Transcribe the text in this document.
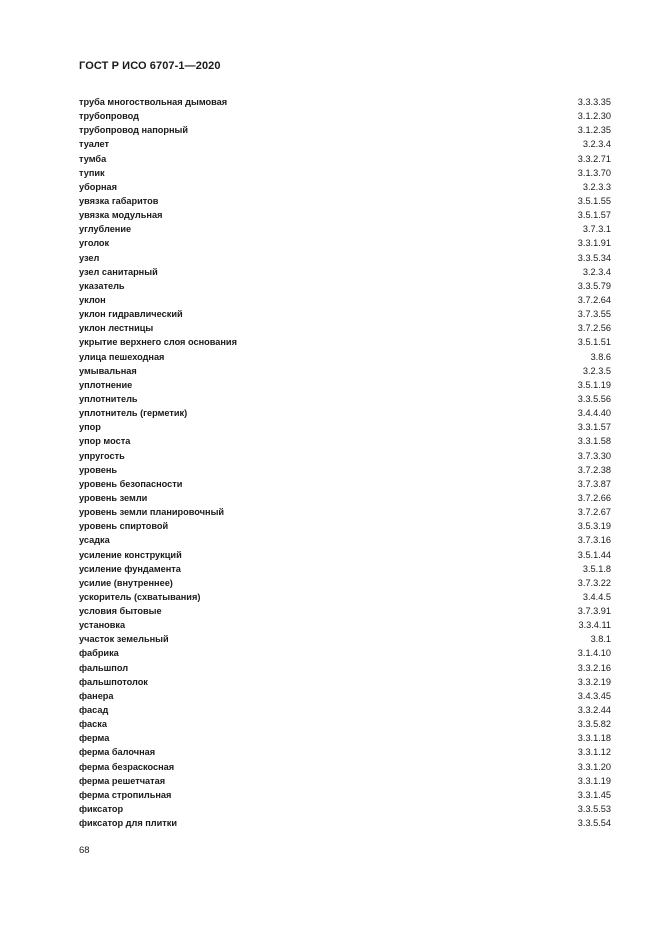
ГОСТ Р ИСО 6707-1—2020
труба многоствольная дымовая	3.3.3.35
трубопровод	3.1.2.30
трубопровод напорный	3.1.2.35
туалет	3.2.3.4
тумба	3.3.2.71
тупик	3.1.3.70
уборная	3.2.3.3
увязка габаритов	3.5.1.55
увязка модульная	3.5.1.57
углубление	3.7.3.1
уголок	3.3.1.91
узел	3.3.5.34
узел санитарный	3.2.3.4
указатель	3.3.5.79
уклон	3.7.2.64
уклон гидравлический	3.7.3.55
уклон лестницы	3.7.2.56
укрытие верхнего слоя основания	3.5.1.51
улица пешеходная	3.8.6
умывальная	3.2.3.5
уплотнение	3.5.1.19
уплотнитель	3.3.5.56
уплотнитель (герметик)	3.4.4.40
упор	3.3.1.57
упор моста	3.3.1.58
упругость	3.7.3.30
уровень	3.7.2.38
уровень безопасности	3.7.3.87
уровень земли	3.7.2.66
уровень земли планировочный	3.7.2.67
уровень спиртовой	3.5.3.19
усадка	3.7.3.16
усиление конструкций	3.5.1.44
усиление фундамента	3.5.1.8
усилие (внутреннее)	3.7.3.22
ускоритель (схватывания)	3.4.4.5
условия бытовые	3.7.3.91
установка	3.3.4.11
участок земельный	3.8.1
фабрика	3.1.4.10
фальшпол	3.3.2.16
фальшпотолок	3.3.2.19
фанера	3.4.3.45
фасад	3.3.2.44
фаска	3.3.5.82
ферма	3.3.1.18
ферма балочная	3.3.1.12
ферма безраскосная	3.3.1.20
ферма решетчатая	3.3.1.19
ферма стропильная	3.3.1.45
фиксатор	3.3.5.53
фиксатор для плитки	3.3.5.54
68
